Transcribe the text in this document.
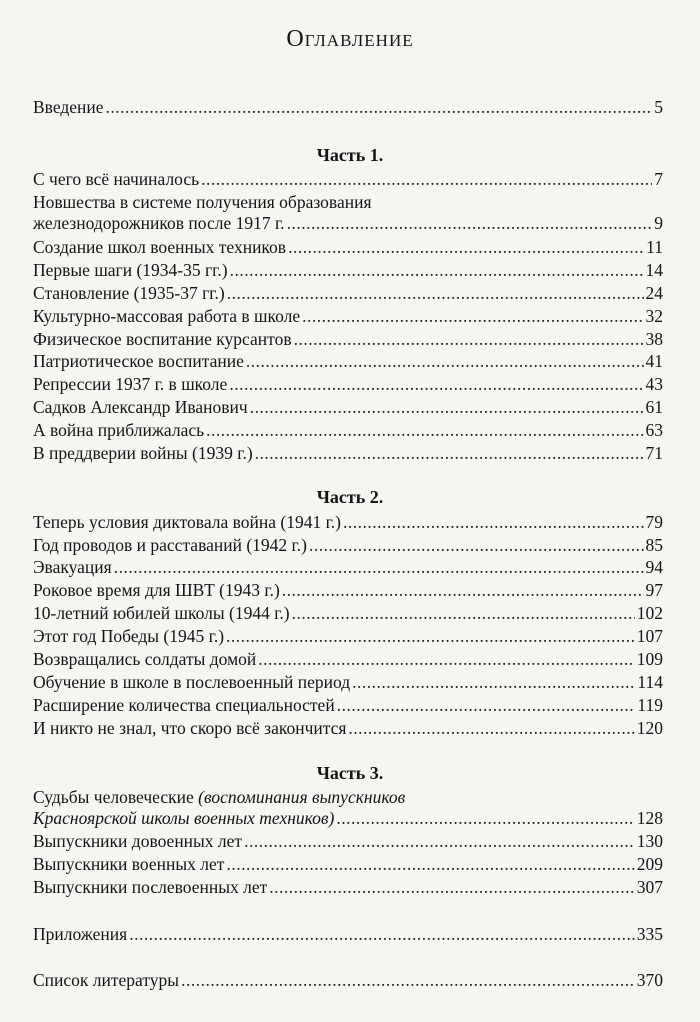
Оглавление
Введение .....	5
Часть 1.
С чего всё начиналось .....	7
Новшества в системе получения образования
железнодорожников после 1917 г. .....	9
Создание школ военных техников .....	11
Первые шаги (1934-35 гг.) .....	14
Становление (1935-37 гг.) .....	24
Культурно-массовая работа в школе .....	32
Физическое воспитание курсантов .....	38
Патриотическое воспитание .....	41
Репрессии 1937 г. в школе .....	43
Садков Александр Иванович .....	61
А война приближалась .....	63
В преддверии войны (1939 г.) .....	71
Часть 2.
Теперь условия диктовала война (1941 г.) .....	79
Год проводов и расставаний (1942 г.) .....	85
Эвакуация .....	94
Роковое время для ШВТ (1943 г.) .....	97
10-летний юбилей школы (1944 г.) .....	102
Этот год Победы (1945 г.) .....	107
Возвращались солдаты домой .....	109
Обучение в школе в послевоенный период .....	114
Расширение количества специальностей .....	119
И никто не знал, что скоро всё закончится .....	120
Часть 3.
Судьбы человеческие (воспоминания выпускников
Красноярской школы военных техников) .....	128
Выпускники довоенных лет .....	130
Выпускники военных лет .....	209
Выпускники послевоенных лет .....	307
Приложения .....	335
Список литературы .....	370
